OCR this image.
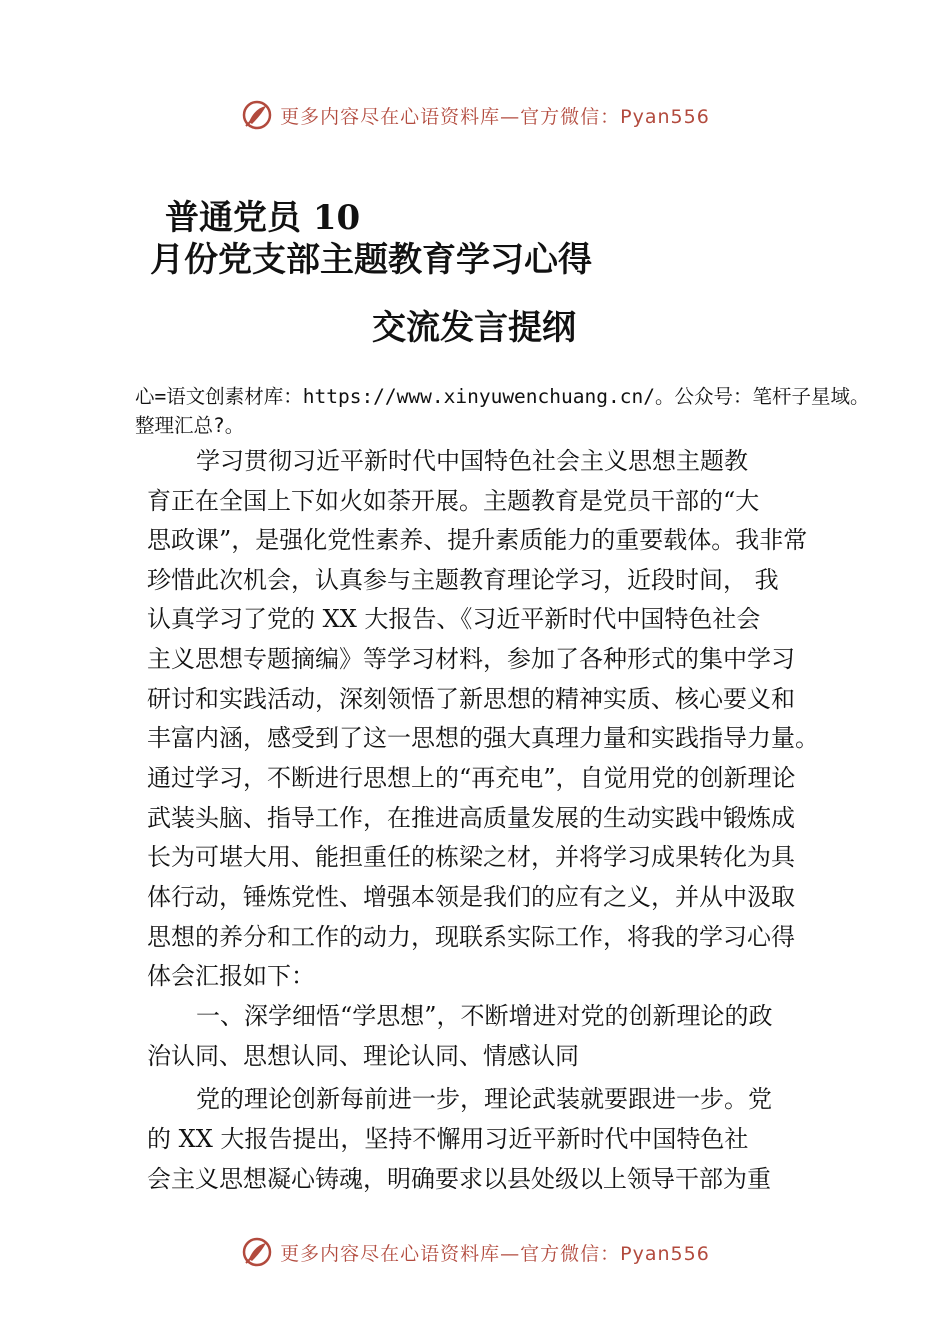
更多内容尽在心语资料库—官方微信：Pyan556
普通党员 10
月份党支部主题教育学习心得
交流发言提纲

心=语文创素材库：https://www.xinyuwenchuang.cn/。公众号：笔杆子星域。整理汇总?。

学习贯彻习近平新时代中国特色社会主义思想主题教

育正在全国上下如火如荼开展。主题教育是党员干部的“大

思政课”，是强化党性素养、提升素质能力的重要载体。我非常

珍惜此次机会，认真参与主题教育理论学习，近段时间， 我

认真学习了党的 XX 大报告、《习近平新时代中国特色社会

主义思想专题摘编》等学习材料，参加了各种形式的集中学习

研讨和实践活动，深刻领悟了新思想的精神实质、核心要义和

丰富内涵，感受到了这一思想的强大真理力量和实践指导力量。

通过学习，不断进行思想上的“再充电”，自觉用党的创新理论

武装头脑、指导工作，在推进高质量发展的生动实践中锻炼成

长为可堪大用、能担重任的栋梁之材，并将学习成果转化为具

体行动，锤炼党性、增强本领是我们的应有之义，并从中汲取

思想的养分和工作的动力，现联系实际工作，将我的学习心得

体会汇报如下：

一、深学细悟“学思想”，不断增进对党的创新理论的政

治认同、思想认同、理论认同、情感认同

党的理论创新每前进一步，理论武装就要跟进一步。党

的 XX 大报告提出，坚持不懈用习近平新时代中国特色社

会主义思想凝心铸魂，明确要求以县处级以上领导干部为重

更多内容尽在心语资料库—官方微信：Pyan556
